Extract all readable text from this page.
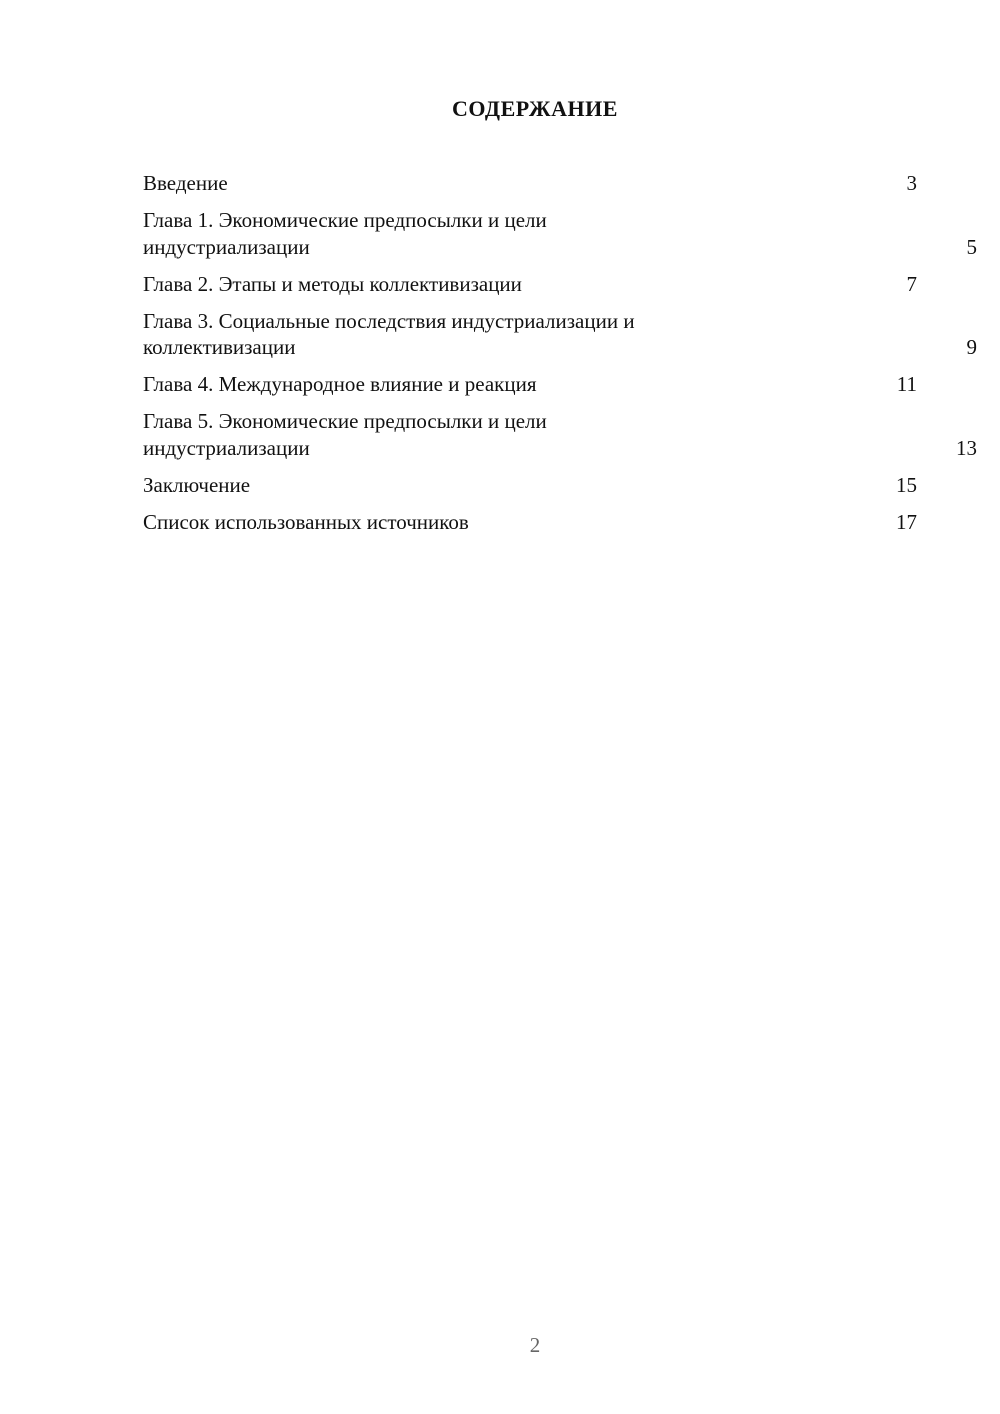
СОДЕРЖАНИЕ
Введение	3
Глава 1. Экономические предпосылки и цели индустриализации	5
Глава 2. Этапы и методы коллективизации	7
Глава 3. Социальные последствия индустриализации и коллективизации	9
Глава 4. Международное влияние и реакция	11
Глава 5. Экономические предпосылки и цели индустриализации	13
Заключение	15
Список использованных источников	17
2
